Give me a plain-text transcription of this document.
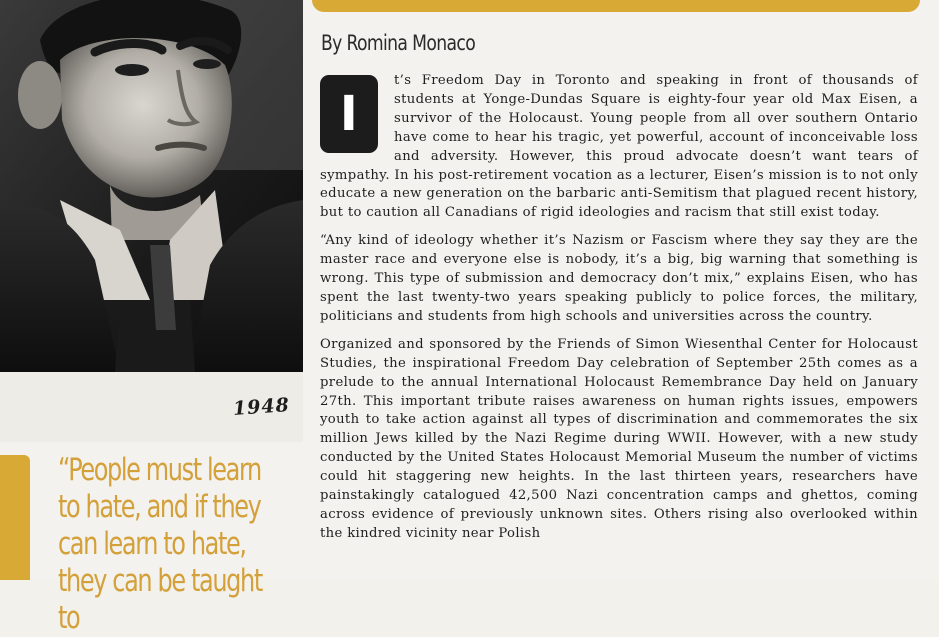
1948

“People must learn to hate, and if they can learn to hate, they can be taught to

By Romina Monaco

I
t’s Freedom Day in Toronto and speaking in front of thousands of students at Yonge-Dundas Square is eighty-four year old Max Eisen, a survivor of the Holocaust. Young people from all over southern Ontario have come to hear his tragic, yet powerful, account of inconceivable loss and adversity. However, this proud advocate doesn’t want tears of sympathy. In his post-retirement vocation as a lecturer, Eisen’s mission is to not only educate a new generation on the barbaric anti-Semitism that plagued recent history, but to caution all Canadians of rigid ideologies and racism that still exist today.

“Any kind of ideology whether it’s Nazism or Fascism where they say they are the master race and everyone else is nobody, it’s a big, big warning that something is wrong. This type of submission and democracy don’t mix,” explains Eisen, who has spent the last twenty-two years speaking publicly to police forces, the military, politicians and students from high schools and universities across the country.

Organized and sponsored by the Friends of Simon Wiesenthal Center for Holocaust Studies, the inspirational Freedom Day celebration of September 25th comes as a prelude to the annual International Holocaust Remembrance Day held on January 27th. This important tribute raises awareness on human rights issues, empowers youth to take action against all types of discrimination and commemorates the six million Jews killed by the Nazi Regime during WWII. However, with a new study conducted by the United States Holocaust Memorial Museum the number of victims could hit staggering new heights. In the last thirteen years, researchers have painstakingly catalogued 42,500 Nazi concentration camps and ghettos, coming across evidence of previously unknown sites. Others rising also overlooked within the kindred vicinity near Polish
